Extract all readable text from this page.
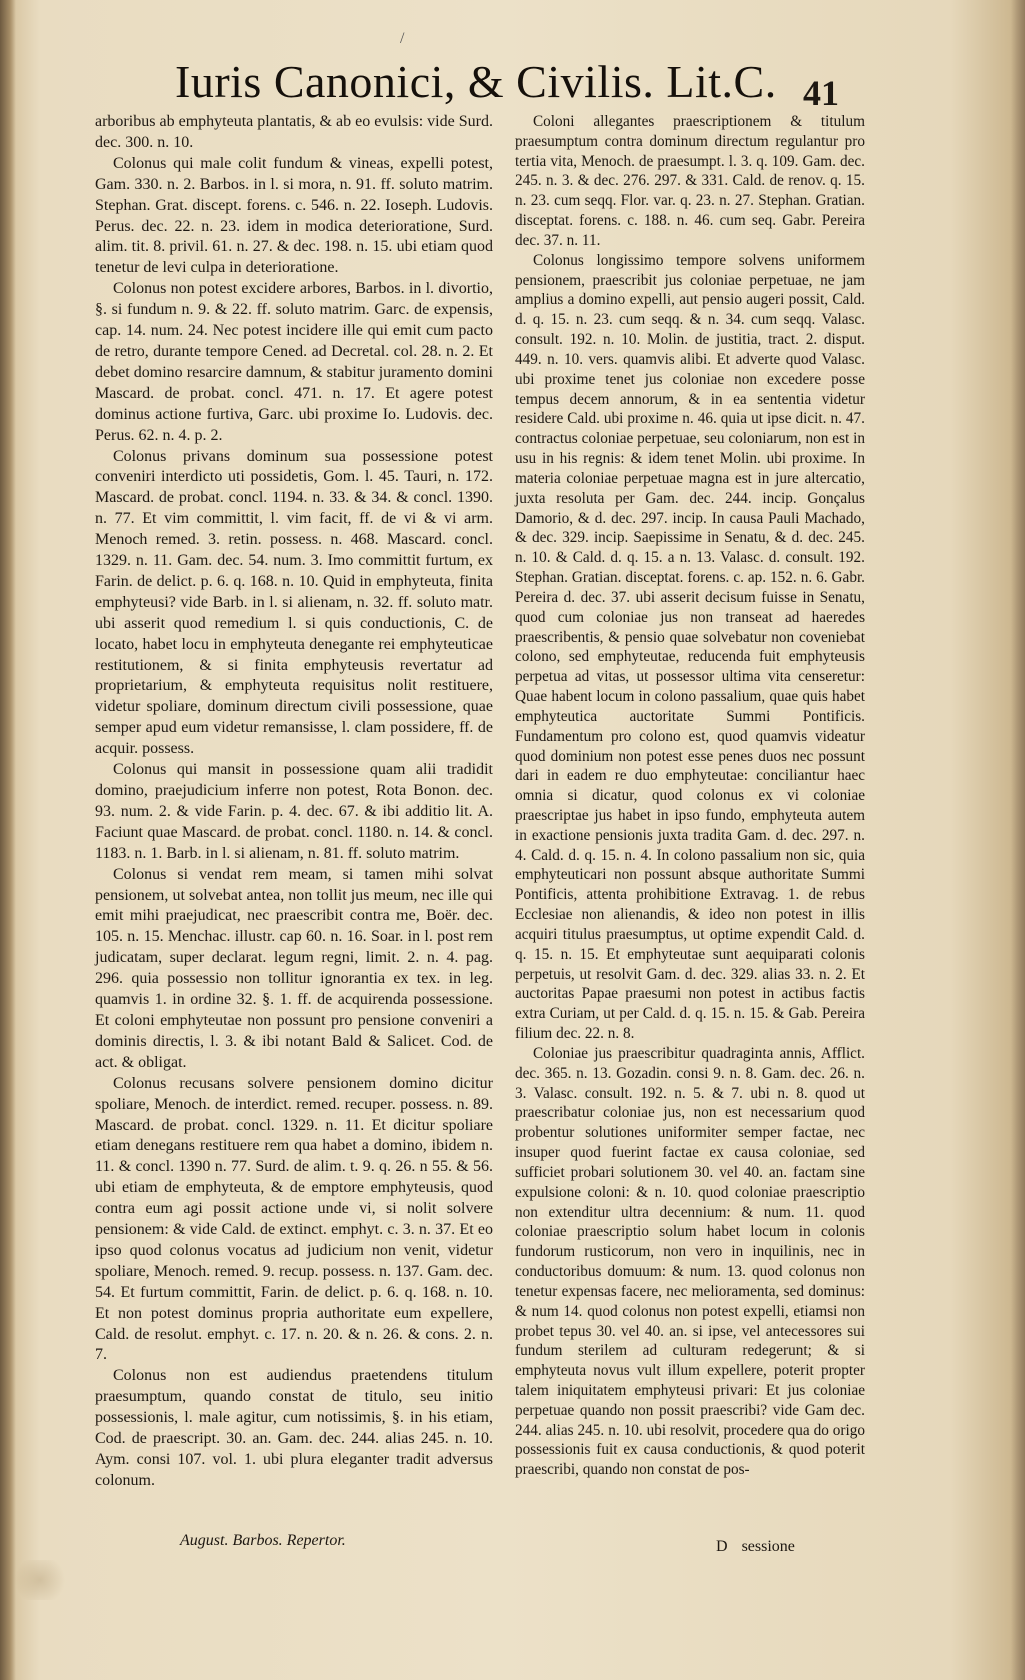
/
Iuris Canonici, & Civilis. Lit.C. 41

arboribus ab emphyteuta plantatis, & ab eo evulsis: vide Surd. dec. 300. n. 10.

Colonus qui male colit fundum & vineas, expelli potest, Gam. 330. n. 2. Barbos. in l. si mora, n. 91. ff. soluto matrim. Stephan. Grat. discept. forens. c. 546. n. 22. Ioseph. Ludovis. Perus. dec. 22. n. 23. idem in modica deterioratione, Surd. alim. tit. 8. privil. 61. n. 27. & dec. 198. n. 15. ubi etiam quod tenetur de levi culpa in deterioratione.

Colonus non potest excidere arbores, Barbos. in l. divortio, §. si fundum n. 9. & 22. ff. soluto matrim. Garc. de expensis, cap. 14. num. 24. Nec potest incidere ille qui emit cum pacto de retro, durante tempore Cened. ad Decretal. col. 28. n. 2. Et debet domino resarcire damnum, & stabitur juramento domini Mascard. de probat. concl. 471. n. 17. Et agere potest dominus actione furtiva, Garc. ubi proxime Io. Ludovis. dec. Perus. 62. n. 4. p. 2.

Colonus privans dominum sua possessione potest conveniri interdicto uti possidetis, Gom. l. 45. Tauri, n. 172. Mascard. de probat. concl. 1194. n. 33. & 34. & concl. 1390. n. 77. Et vim committit, l. vim facit, ff. de vi & vi arm. Menoch remed. 3. retin. possess. n. 468. Mascard. concl. 1329. n. 11. Gam. dec. 54. num. 3. Imo committit furtum, ex Farin. de delict. p. 6. q. 168. n. 10. Quid in emphyteuta, finita emphyteusi? vide Barb. in l. si alienam, n. 32. ff. soluto matr. ubi asserit quod remedium l. si quis conductionis, C. de locato, habet locu in emphyteuta denegante rei emphyteuticae restitutionem, & si finita emphyteusis revertatur ad proprietarium, & emphyteuta requisitus nolit restituere, videtur spoliare, dominum directum civili possessione, quae semper apud eum videtur remansisse, l. clam possidere, ff. de acquir. possess.

Colonus qui mansit in possessione quam alii tradidit domino, praejudicium inferre non potest, Rota Bonon. dec. 93. num. 2. & vide Farin. p. 4. dec. 67. & ibi additio lit. A. Faciunt quae Mascard. de probat. concl. 1180. n. 14. & concl. 1183. n. 1. Barb. in l. si alienam, n. 81. ff. soluto matrim.

Colonus si vendat rem meam, si tamen mihi solvat pensionem, ut solvebat antea, non tollit jus meum, nec ille qui emit mihi praejudicat, nec praescribit contra me, Boër. dec. 105. n. 15. Menchac. illustr. cap 60. n. 16. Soar. in l. post rem judicatam, super declarat. legum regni, limit. 2. n. 4. pag. 296. quia possessio non tollitur ignorantia ex tex. in leg. quamvis 1. in ordine 32. §. 1. ff. de acquirenda possessione. Et coloni emphyteutae non possunt pro pensione conveniri a dominis directis, l. 3. & ibi notant Bald & Salicet. Cod. de act. & obligat.

Colonus recusans solvere pensionem domino dicitur spoliare, Menoch. de interdict. remed. recuper. possess. n. 89. Mascard. de probat. concl. 1329. n. 11. Et dicitur spoliare etiam denegans restituere rem qua habet a domino, ibidem n. 11. & concl. 1390 n. 77. Surd. de alim. t. 9. q. 26. n 55. & 56. ubi etiam de emphyteuta, & de emptore emphyteusis, quod contra eum agi possit actione unde vi, si nolit solvere pensionem: & vide Cald. de extinct. emphyt. c. 3. n. 37. Et eo ipso quod colonus vocatus ad judicium non venit, videtur spoliare, Menoch. remed. 9. recup. possess. n. 137. Gam. dec. 54. Et furtum committit, Farin. de delict. p. 6. q. 168. n. 10. Et non potest dominus propria authoritate eum expellere, Cald. de resolut. emphyt. c. 17. n. 20. & n. 26. & cons. 2. n. 7.

Colonus non est audiendus praetendens titulum praesumptum, quando constat de titulo, seu initio possessionis, l. male agitur, cum notissimis, §. in his etiam, Cod. de praescript. 30. an. Gam. dec. 244. alias 245. n. 10. Aym. consi 107. vol. 1. ubi plura eleganter tradit adversus colonum.

Coloni allegantes praescriptionem & titulum praesumptum contra dominum directum regulantur pro tertia vita, Menoch. de praesumpt. l. 3. q. 109. Gam. dec. 245. n. 3. & dec. 276. 297. & 331. Cald. de renov. q. 15. n. 23. cum seqq. Flor. var. q. 23. n. 27. Stephan. Gratian. disceptat. forens. c. 188. n. 46. cum seq. Gabr. Pereira dec. 37. n. 11.

Colonus longissimo tempore solvens uniformem pensionem, praescribit jus coloniae perpetuae, ne jam amplius a domino expelli, aut pensio augeri possit, Cald. d. q. 15. n. 23. cum seqq. & n. 34. cum seqq. Valasc. consult. 192. n. 10. Molin. de justitia, tract. 2. disput. 449. n. 10. vers. quamvis alibi. Et adverte quod Valasc. ubi proxime tenet jus coloniae non excedere posse tempus decem annorum, & in ea sententia videtur residere Cald. ubi proxime n. 46. quia ut ipse dicit. n. 47. contractus coloniae perpetuae, seu coloniarum, non est in usu in his regnis: & idem tenet Molin. ubi proxime. In materia coloniae perpetuae magna est in jure altercatio, juxta resoluta per Gam. dec. 244. incip. Gonçalus Damorio, & d. dec. 297. incip. In causa Pauli Machado, & dec. 329. incip. Saepissime in Senatu, & d. dec. 245. n. 10. & Cald. d. q. 15. a n. 13. Valasc. d. consult. 192. Stephan. Gratian. disceptat. forens. c. ap. 152. n. 6. Gabr. Pereira d. dec. 37. ubi asserit decisum fuisse in Senatu, quod cum coloniae jus non transeat ad haeredes praescribentis, & pensio quae solvebatur non coveniebat colono, sed emphyteutae, reducenda fuit emphyteusis perpetua ad vitas, ut possessor ultima vita censeretur: Quae habent locum in colono passalium, quae quis habet emphyteutica auctoritate Summi Pontificis. Fundamentum pro colono est, quod quamvis videatur quod dominium non potest esse penes duos nec possunt dari in eadem re duo emphyteutae: conciliantur haec omnia si dicatur, quod colonus ex vi coloniae praescriptae jus habet in ipso fundo, emphyteuta autem in exactione pensionis juxta tradita Gam. d. dec. 297. n. 4. Cald. d. q. 15. n. 4. In colono passalium non sic, quia emphyteuticari non possunt absque authoritate Summi Pontificis, attenta prohibitione Extravag. 1. de rebus Ecclesiae non alienandis, & ideo non potest in illis acquiri titulus praesumptus, ut optime expendit Cald. d. q. 15. n. 15. Et emphyteutae sunt aequiparati colonis perpetuis, ut resolvit Gam. d. dec. 329. alias 33. n. 2. Et auctoritas Papae praesumi non potest in actibus factis extra Curiam, ut per Cald. d. q. 15. n. 15. & Gab. Pereira filium dec. 22. n. 8.

Coloniae jus praescribitur quadraginta annis, Afflict. dec. 365. n. 13. Gozadin. consi 9. n. 8. Gam. dec. 26. n. 3. Valasc. consult. 192. n. 5. & 7. ubi n. 8. quod ut praescribatur coloniae jus, non est necessarium quod probentur solutiones uniformiter semper factae, nec insuper quod fuerint factae ex causa coloniae, sed sufficiet probari solutionem 30. vel 40. an. factam sine expulsione coloni: & n. 10. quod coloniae praescriptio non extenditur ultra decennium: & num. 11. quod coloniae praescriptio solum habet locum in colonis fundorum rusticorum, non vero in inquilinis, nec in conductoribus domuum: & num. 13. quod colonus non tenetur expensas facere, nec melioramenta, sed dominus: & num 14. quod colonus non potest expelli, etiamsi non probet tepus 30. vel 40. an. si ipse, vel antecessores sui fundum sterilem ad culturam redegerunt; & si emphyteuta novus vult illum expellere, poterit propter talem iniquitatem emphyteusi privari: Et jus coloniae perpetuae quando non possit praescribi? vide Gam dec. 244. alias 245. n. 10. ubi resolvit, procedere qua do origo possessionis fuit ex causa conductionis, & quod poterit praescribi, quando non constat de pos-

August. Barbos. Repertor.	D sessione
